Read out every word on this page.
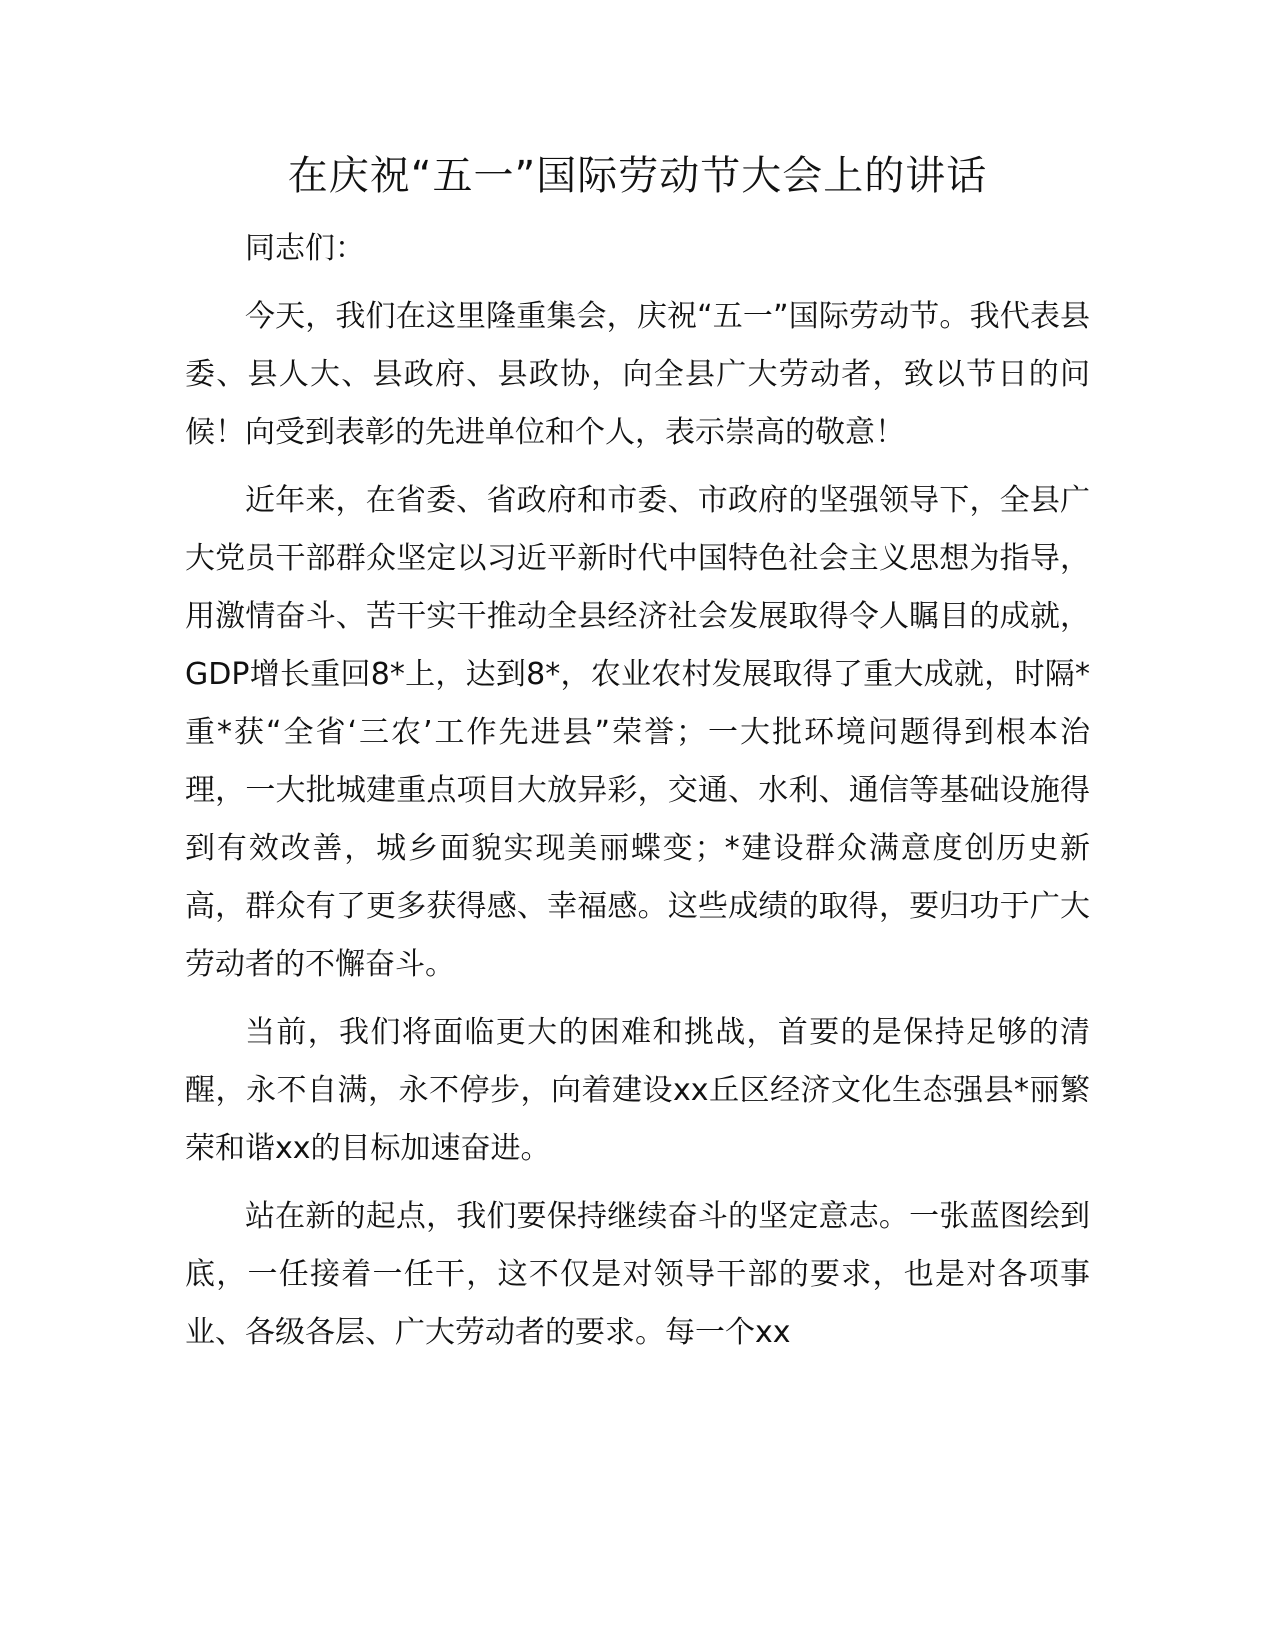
在庆祝“五一”国际劳动节大会上的讲话

同志们：

今天，我们在这里隆重集会，庆祝“五一”国际劳动节。我代表县委、县人大、县政府、县政协，向全县广大劳动者，致以节日的问候！向受到表彰的先进单位和个人，表示崇高的敬意！

近年来，在省委、省政府和市委、市政府的坚强领导下，全县广大党员干部群众坚定以习近平新时代中国特色社会主义思想为指导，用激情奋斗、苦干实干推动全县经济社会发展取得令人瞩目的成就，GDP增长重回8*上，达到8*，农业农村发展取得了重大成就，时隔*重*获“全省‘三农’工作先进县”荣誉；一大批环境问题得到根本治理，一大批城建重点项目大放异彩，交通、水利、通信等基础设施得到有效改善，城乡面貌实现美丽蝶变；*建设群众满意度创历史新高，群众有了更多获得感、幸福感。这些成绩的取得，要归功于广大劳动者的不懈奋斗。

当前，我们将面临更大的困难和挑战，首要的是保持足够的清醒，永不自满，永不停步，向着建设xx丘区经济文化生态强县*丽繁荣和谐xx的目标加速奋进。

站在新的起点，我们要保持继续奋斗的坚定意志。一张蓝图绘到底，一任接着一任干，这不仅是对领导干部的要求，也是对各项事业、各级各层、广大劳动者的要求。每一个xx
